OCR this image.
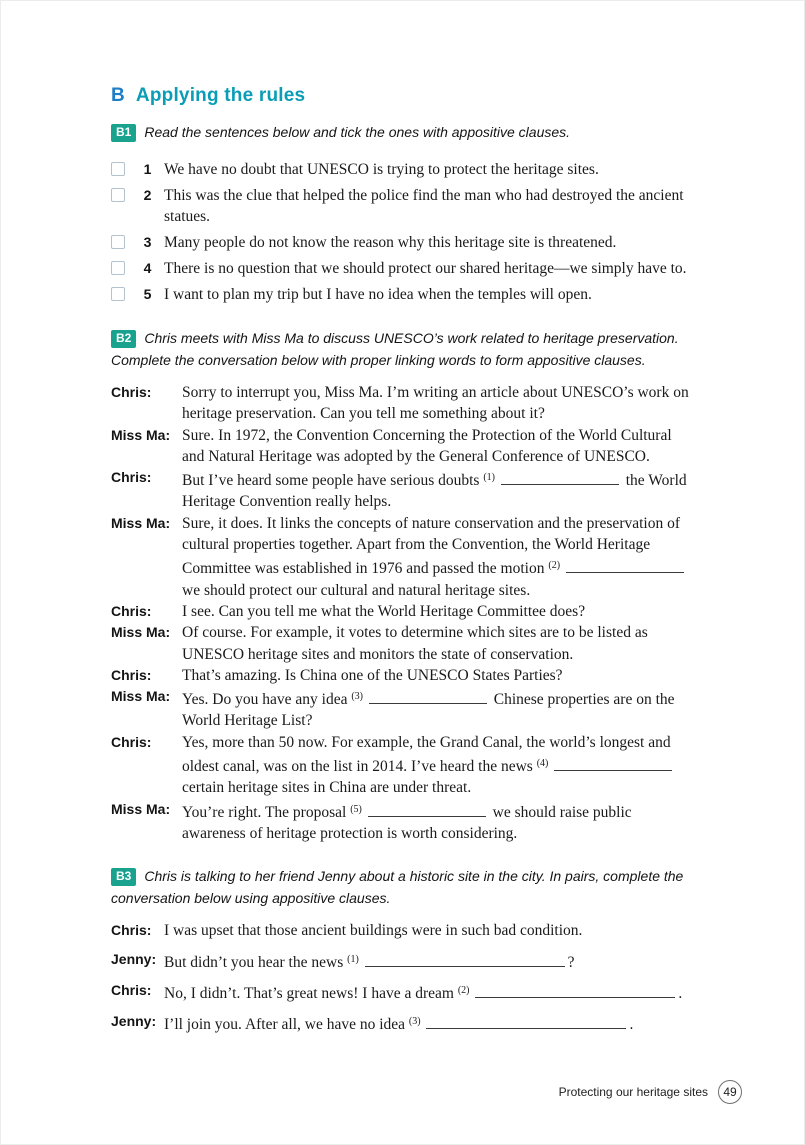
B Applying the rules

B1 Read the sentences below and tick the ones with appositive clauses.

1 We have no doubt that UNESCO is trying to protect the heritage sites.
2 This was the clue that helped the police find the man who had destroyed the ancient statues.
3 Many people do not know the reason why this heritage site is threatened.
4 There is no question that we should protect our shared heritage—we simply have to.
5 I want to plan my trip but I have no idea when the temples will open.

B2 Chris meets with Miss Ma to discuss UNESCO’s work related to heritage preservation. Complete the conversation below with proper linking words to form appositive clauses.

Chris:	Sorry to interrupt you, Miss Ma. I’m writing an article about UNESCO’s work on heritage preservation. Can you tell me something about it?
Miss Ma: Sure. In 1972, the Convention Concerning the Protection of the World Cultural and Natural Heritage was adopted by the General Conference of UNESCO.
Chris:	But I’ve heard some people have serious doubts $^{(1)}$	the World Heritage Convention really helps.
Miss Ma: Sure, it does. It links the concepts of nature conservation and the preservation of cultural properties together. Apart from the Convention, the World Heritage Committee was established in 1976 and passed the motion $^{(2)}$  we should protect our cultural and natural heritage sites.
Chris:	I see. Can you tell me what the World Heritage Committee does?
Miss Ma: Of course. For example, it votes to determine which sites are to be listed as UNESCO heritage sites and monitors the state of conservation.
Chris:	That’s amazing. Is China one of the UNESCO States Parties?
Miss Ma: Yes. Do you have any idea $^{(3)}$	Chinese properties are on the World Heritage List?
Chris:	Yes, more than 50 now. For example, the Grand Canal, the world’s longest and oldest canal, was on the list in 2014. I’ve heard the news $^{(4)}$  certain heritage sites in China are under threat.
Miss Ma: You’re right. The proposal $^{(5)}$	we should raise public awareness of heritage protection is worth considering.

B3 Chris is talking to her friend Jenny about a historic site in the city. In pairs, complete the conversation below using appositive clauses.

Chris: I was upset that those ancient buildings were in such bad condition.
Jenny: But didn’t you hear the news $^{(1)}$	?
Chris: No, I didn’t. That’s great news! I have a dream $^{(2)}$	.
Jenny: I’ll join you. After all, we have no idea $^{(3)}$	.
Protecting our heritage sites	49
